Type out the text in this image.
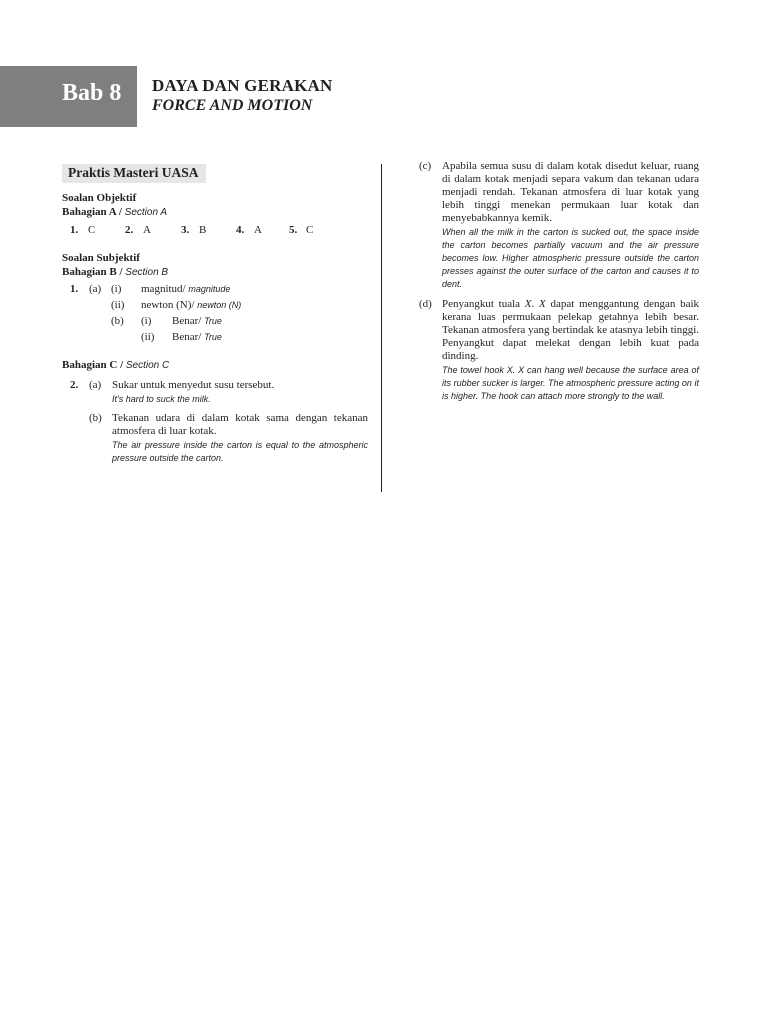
Bab 8 DAYA DAN GERAKAN
FORCE AND MOTION
Praktis Masteri UASA
Soalan Objektif
Bahagian A / Section A
1. C	2. A	3. B	4. A 5. C
Soalan Subjektif
Bahagian B / Section B
1. (a) (i) magnitud/ magnitude
(ii) newton (N)/ newton (N)
(b) (i) Benar/ True
(ii) Benar/ True
Bahagian C / Section C
2. (a) Sukar untuk menyedut susu tersebut.
It's hard to suck the milk.
(b) Tekanan udara di dalam kotak sama dengan tekanan atmosfera di luar kotak.
The air pressure inside the carton is equal to the atmospheric pressure outside the carton.
(c) Apabila semua susu di dalam kotak disedut keluar, ruang di dalam kotak menjadi separa vakum dan tekanan udara menjadi rendah. Tekanan atmosfera di luar kotak yang lebih tinggi menekan permukaan luar kotak dan menyebabkannya kemik.
When all the milk in the carton is sucked out, the space inside the carton becomes partially vacuum and the air pressure becomes low. Higher atmospheric pressure outside the carton presses against the outer surface of the carton and causes it to dent.
(d) Penyangkut tuala X. X dapat menggantung dengan baik kerana luas permukaan pelekap getahnya lebih besar. Tekanan atmosfera yang bertindak ke atasnya lebih tinggi. Penyangkut dapat melekat dengan lebih kuat pada dinding.
The towel hook X. X can hang well because the surface area of its rubber sucker is larger. The atmospheric pressure acting on it is higher. The hook can attach more strongly to the wall.
